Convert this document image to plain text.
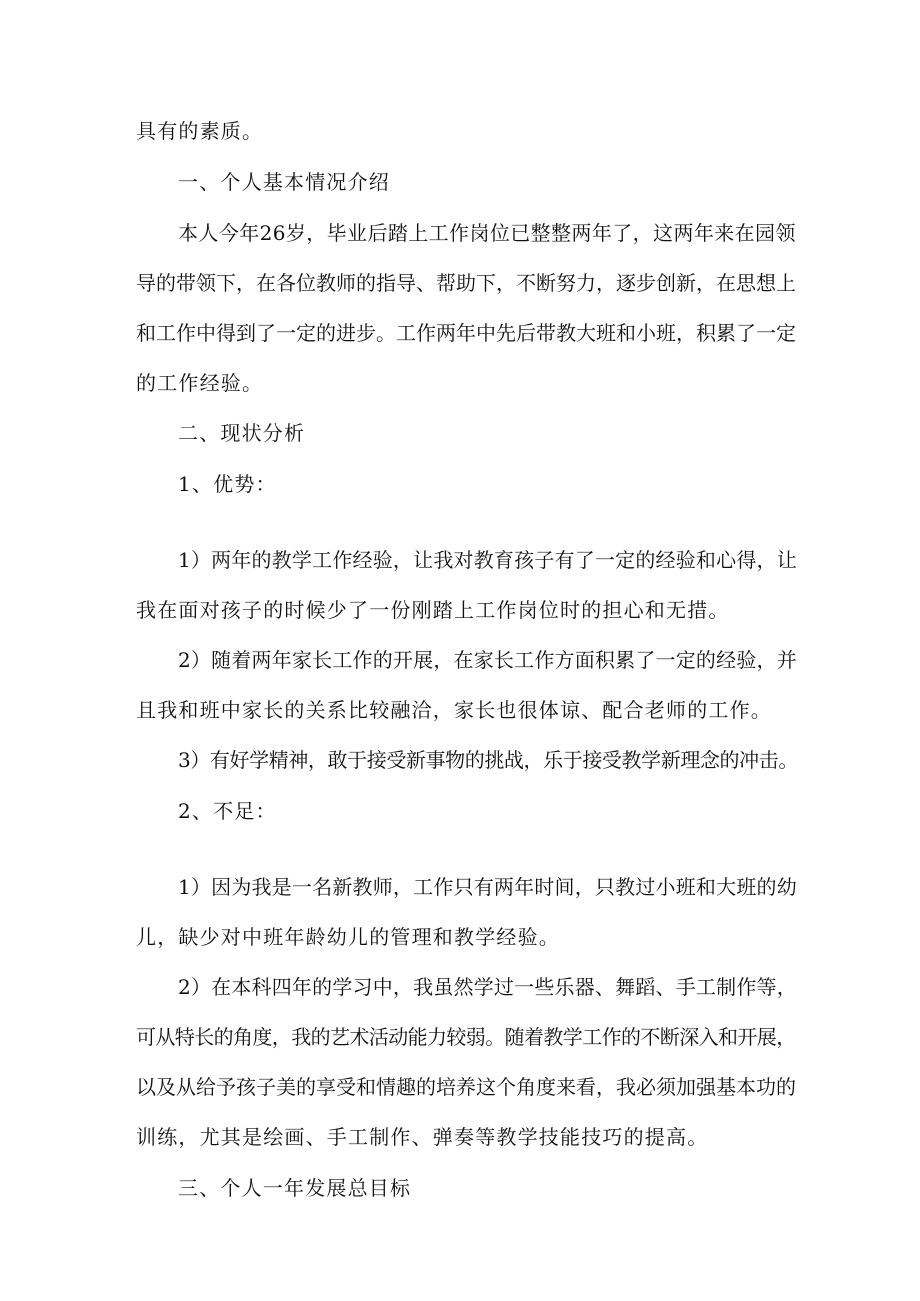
具有的素质。
一、个人基本情况介绍
本人今年26岁，毕业后踏上工作岗位已整整两年了，这两年来在园领
导的带领下，在各位教师的指导、帮助下，不断努力，逐步创新，在思想上
和工作中得到了一定的进步。工作两年中先后带教大班和小班，积累了一定
的工作经验。
二、现状分析
1、优势：
1）两年的教学工作经验，让我对教育孩子有了一定的经验和心得，让
我在面对孩子的时候少了一份刚踏上工作岗位时的担心和无措。
2）随着两年家长工作的开展，在家长工作方面积累了一定的经验，并
且我和班中家长的关系比较融洽，家长也很体谅、配合老师的工作。
3）有好学精神，敢于接受新事物的挑战，乐于接受教学新理念的冲击。
2、不足：
1）因为我是一名新教师，工作只有两年时间，只教过小班和大班的幼
儿，缺少对中班年龄幼儿的管理和教学经验。
2）在本科四年的学习中，我虽然学过一些乐器、舞蹈、手工制作等，
可从特长的角度，我的艺术活动能力较弱。随着教学工作的不断深入和开展，
以及从给予孩子美的享受和情趣的培养这个角度来看，我必须加强基本功的
训练，尤其是绘画、手工制作、弹奏等教学技能技巧的提高。
三、个人一年发展总目标
